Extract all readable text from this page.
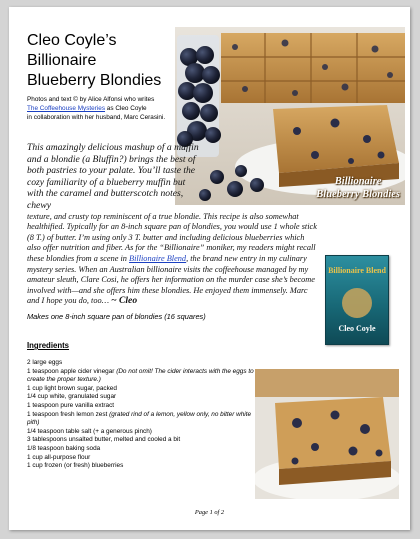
Billionaire
Blueberry Blondies
Cleo Coyle’s
Billionaire
Blueberry Blondies
Photos and text © by Alice Alfonsi who writes
The Coffeehouse Mysteries as Cleo Coyle
in collaboration with her husband, Marc Cerasini.
This amazingly delicious mashup of a muffin and a blondie (a Bluffin?) brings the best of both pastries to your palate. You’ll taste the cozy familiarity of a blueberry muffin but with the caramel and butterscotch notes, chewy
texture, and crusty top reminiscent of a true blondie. This recipe is also somewhat healthified. Typically for an 8-inch square pan of blondies, you would use 1 whole stick (8 T.) of butter. I’m using only 3 T. butter and including delicious blueberries which also offer nutrition and fiber. As for the “Billionaire” moniker, my readers might recall these blondies from a scene in Billionaire Blend, the brand new entry in my culinary mystery series. When an Australian billionaire visits the coffeehouse managed by my amateur sleuth, Clare Cosi, he offers her information on the murder case she’s become involved with—and she offers him these blondies. He enjoyed them immensely. Marc and I hope you do, too… ~ Cleo
Billionaire Blend
Cleo Coyle
Makes one 8-inch square pan of blondies (16 squares)
Ingredients
2 large eggs
1 teaspoon apple cider vinegar (Do not omit! The cider interacts with the eggs to create the proper texture.)
1 cup light brown sugar, packed
1/4 cup white, granulated sugar
1 teaspoon pure vanilla extract
1 teaspoon fresh lemon zest (grated rind of a lemon, yellow only, no bitter white pith)
1/4 teaspoon table salt (+ a generous pinch)
3 tablespoons unsalted butter, melted and cooled a bit
1/8 teaspoon baking soda
1 cup all-purpose flour
1 cup frozen (or fresh) blueberries
Page 1 of 2
